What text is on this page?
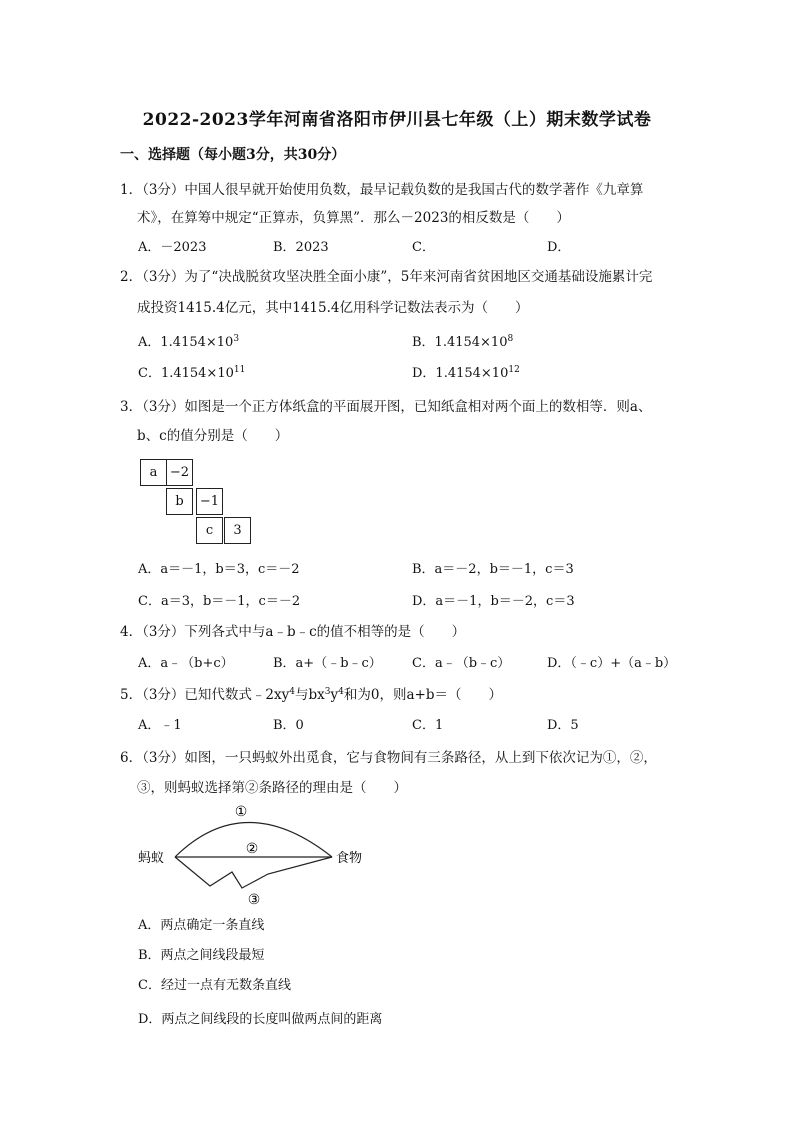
2022-2023学年河南省洛阳市伊川县七年级（上）期末数学试卷
一、选择题（每小题3分，共30分）
1．（3分）中国人很早就开始使用负数，最早记载负数的是我国古代的数学著作《九章算
术》，在算筹中规定“正算赤，负算黑”．那么－2023的相反数是（　　）
A．－2023	B．2023	C．	D．
2．（3分）为了“决战脱贫攻坚决胜全面小康”，5年来河南省贫困地区交通基础设施累计完
成投资1415.4亿元，其中1415.4亿用科学记数法表示为（　　）
A．$1.4154\times 10^3$	B．$1.4154\times 10^8$
C．$1.4154\times 10^{11}$	D．$1.4154\times 10^{12}$
3．（3分）如图是一个正方体纸盒的平面展开图，已知纸盒相对两个面上的数相等．则a、
b、c的值分别是（　　）
a −2
b	−1
c	3
A．a＝－1，b＝3，c＝－2	B．a＝－2，b＝－1，c＝3
C．a＝3，b＝－1，c＝－2	D．a＝－1，b＝－2，c＝3
4．（3分）下列各式中与a﹣b﹣c的值不相等的是（　　）
A．a﹣（b+c）	B．a+（﹣b﹣c） C．a﹣（b﹣c）	D．（﹣c）+（a﹣b）
5．（3分）已知代数式$﹣2xy^4$与$bx^3y^4$和为0，则a+b＝（　　）
A．﹣1	B．0	C．1	D．5
6．（3分）如图，一只蚂蚁外出觅食，它与食物间有三条路径，从上到下依次记为①，②，
③，则蚂蚁选择第②条路径的理由是（　　）
①
②
③
蚂蚁	食物
A．两点确定一条直线
B．两点之间线段最短
C．经过一点有无数条直线
D．两点之间线段的长度叫做两点间的距离
